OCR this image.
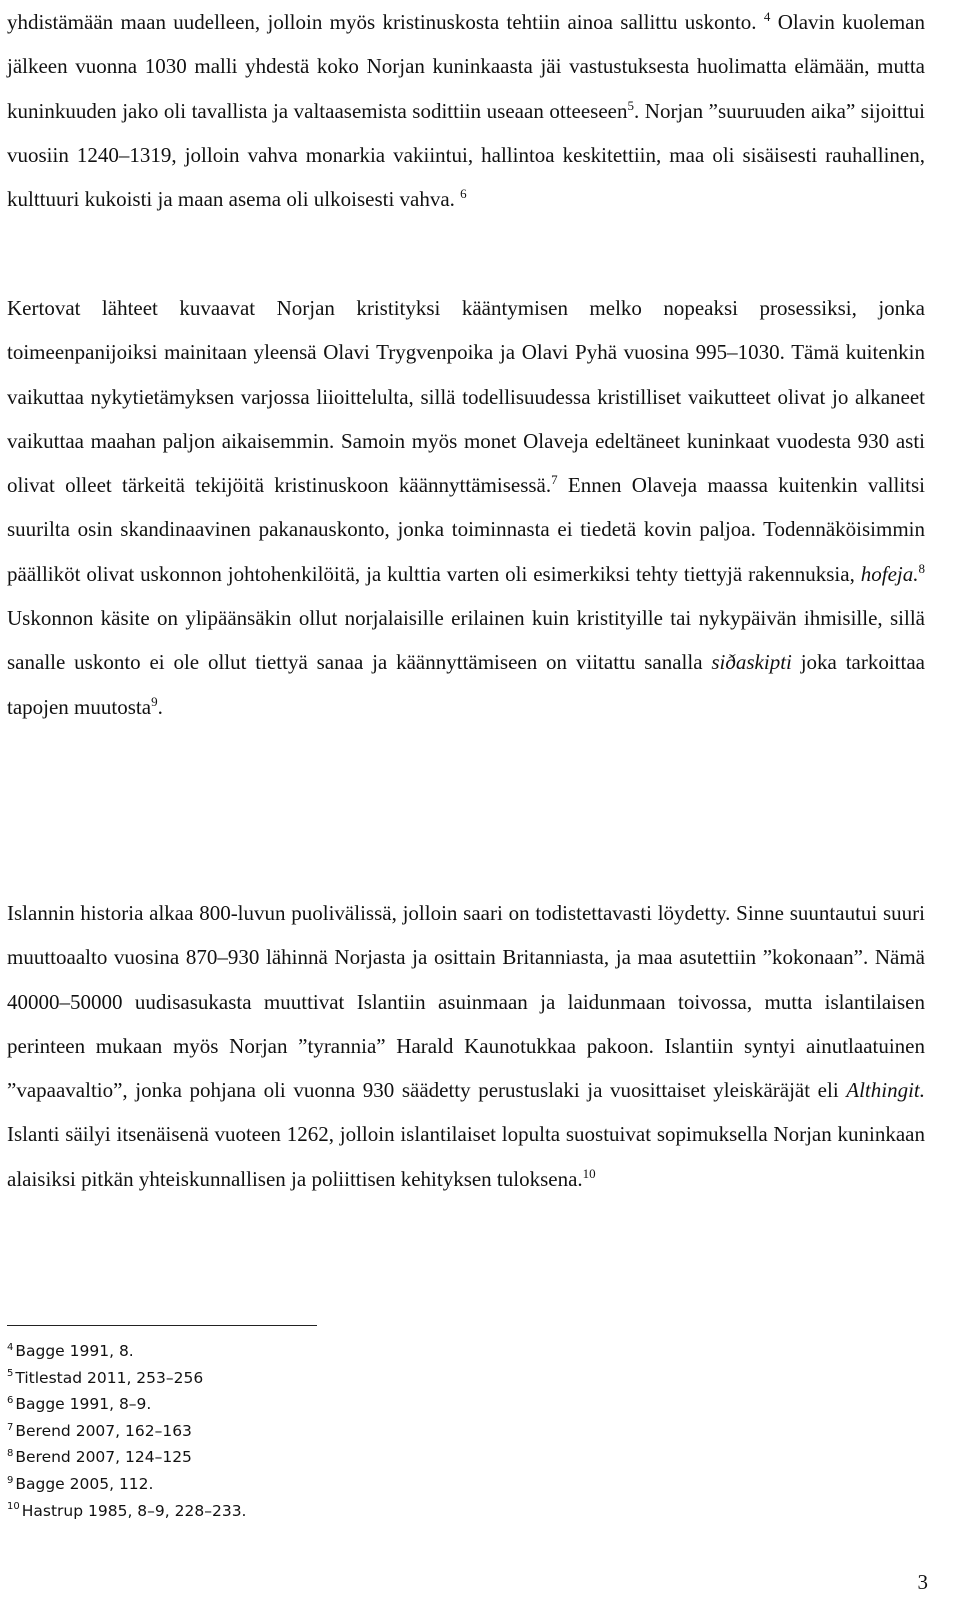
yhdistämään maan uudelleen, jolloin myös kristinuskosta tehtiin ainoa sallittu uskonto. $^4$ Olavin kuoleman jälkeen vuonna 1030 malli yhdestä koko Norjan kuninkaasta jäi vastustuksesta huolimatta elämään, mutta kuninkuuden jako oli tavallista ja valtaasemista sodittiin useaan otteeseen$^5$. Norjan ”suuruuden aika” sijoittui vuosiin 1240–1319, jolloin vahva monarkia vakiintui, hallintoa keskitettiin, maa oli sisäisesti rauhallinen, kulttuuri kukoisti ja maan asema oli ulkoisesti vahva. $^6$

Kertovat lähteet kuvaavat Norjan kristityksi kääntymisen melko nopeaksi prosessiksi, jonka toimeenpanijoiksi mainitaan yleensä Olavi Trygvenpoika ja Olavi Pyhä vuosina 995–1030. Tämä kuitenkin vaikuttaa nykytietämyksen varjossa liioittelulta, sillä todellisuudessa kristilliset vaikutteet olivat jo alkaneet vaikuttaa maahan paljon aikaisemmin. Samoin myös monet Olaveja edeltäneet kuninkaat vuodesta 930 asti olivat olleet tärkeitä tekijöitä kristinuskoon käännyttämisessä.$^7$ Ennen Olaveja maassa kuitenkin vallitsi suurilta osin skandinaavinen pakanauskonto, jonka toiminnasta ei tiedetä kovin paljoa. Todennäköisimmin päälliköt olivat uskonnon johtohenkilöitä, ja kulttia varten oli esimerkiksi tehty tiettyjä rakennuksia, hofeja.$^8$ Uskonnon käsite on ylipäänsäkin ollut norjalaisille erilainen kuin kristityille tai nykypäivän ihmisille, sillä sanalle uskonto ei ole ollut tiettyä sanaa ja käännyttämiseen on viitattu sanalla siðaskipti joka tarkoittaa tapojen muutosta$^9$.

Islannin historia alkaa 800-luvun puolivälissä, jolloin saari on todistettavasti löydetty. Sinne suuntautui suuri muuttoaalto vuosina 870–930 lähinnä Norjasta ja osittain Britanniasta, ja maa asutettiin ”kokonaan”. Nämä 40000–50000 uudisasukasta muuttivat Islantiin asuinmaan ja laidunmaan toivossa, mutta islantilaisen perinteen mukaan myös Norjan ”tyrannia” Harald Kaunotukkaa pakoon. Islantiin syntyi ainutlaatuinen ”vapaavaltio”, jonka pohjana oli vuonna 930 säädetty perustuslaki ja vuosittaiset yleiskäräjät eli Althingit. Islanti säilyi itsenäisenä vuoteen 1262, jolloin islantilaiset lopulta suostuivat sopimuksella Norjan kuninkaan alaisiksi pitkän yhteiskunnallisen ja poliittisen kehityksen tuloksena.$^{10}$

$^4$ Bagge 1991, 8.
$^5$ Titlestad 2011, 253–256
$^6$ Bagge 1991, 8–9.
$^7$ Berend 2007, 162–163
$^8$ Berend 2007, 124–125
$^9$ Bagge 2005, 112.
$^{10}$ Hastrup 1985, 8–9, 228–233.
3
